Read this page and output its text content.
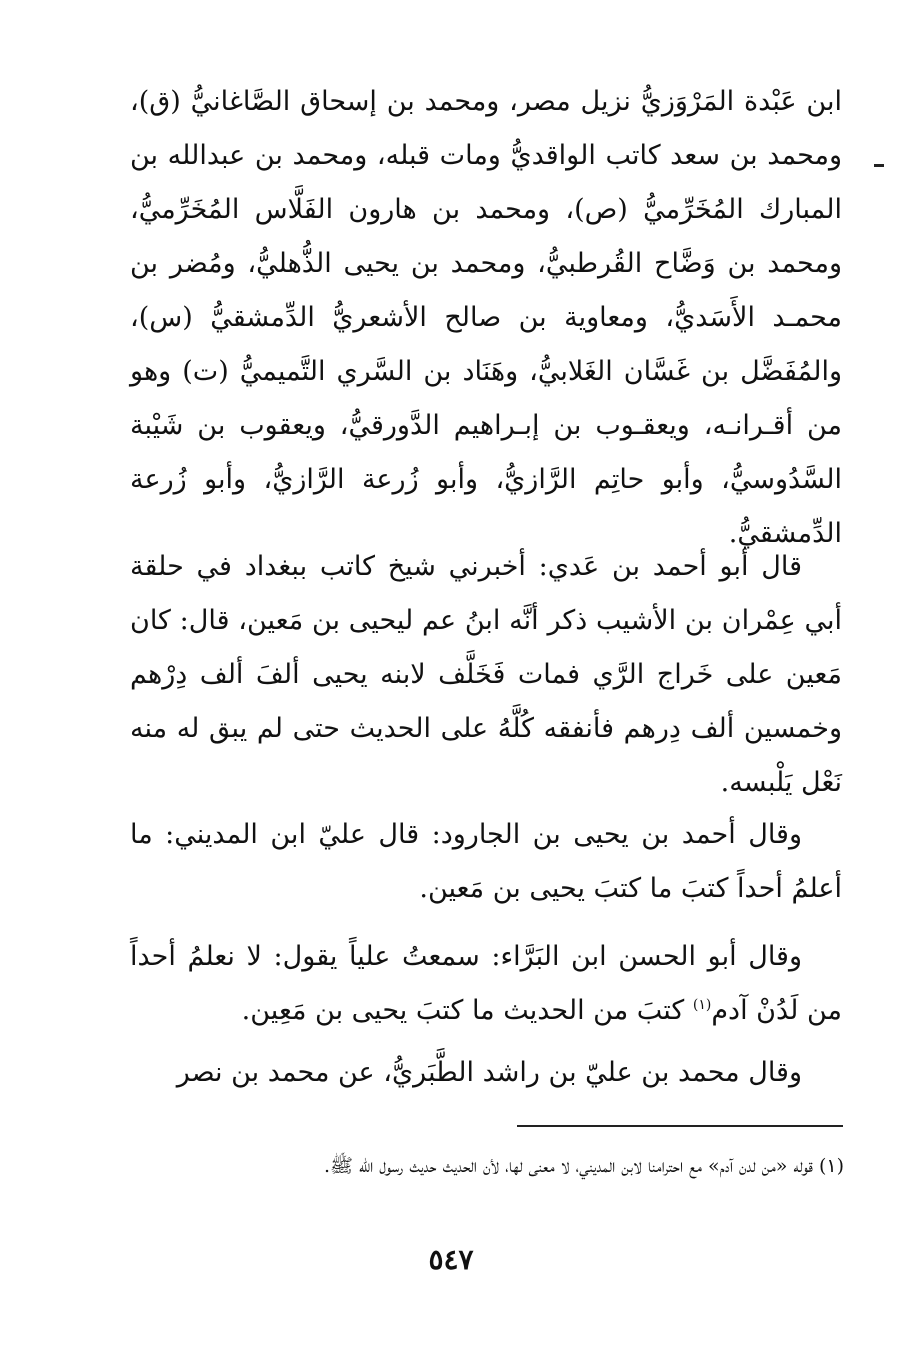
ابن عَبْدة المَرْوَزيُّ نزيل مصر، ومحمد بن إسحاق الصَّاغانيُّ (ق)، ومحمد بن سعد كاتب الواقديُّ ومات قبله، ومحمد بن عبدالله بن المبارك المُخَرِّميُّ (ص)، ومحمد بن هارون الفَلَّاس المُخَرِّميُّ، ومحمد بن وَضَّاح القُرطبيُّ، ومحمد بن يحيى الذُّهليُّ، ومُضر بن محمـد الأَسَديُّ، ومعاوية بن صالح الأشعريُّ الدِّمشقيُّ (س)، والمُفَضَّل بن غَسَّان الغَلابيُّ، وهَنَاد بن السَّري التَّميميُّ (ت) وهو من أقـرانـه، ويعقـوب بن إبـراهيم الدَّورقيُّ، ويعقوب بن شَيْبة السَّدُوسيُّ، وأبو حاتِم الرَّازيُّ، وأبو زُرعة الرَّازيُّ، وأبو زُرعة الدِّمشقيُّ.

قال أبو أحمد بن عَدي: أخبرني شيخ كاتب ببغداد في حلقة أبي عِمْران بن الأشيب ذكر أنَّه ابنُ عم ليحيى بن مَعين، قال: كان مَعين على خَراج الرَّي فمات فَخَلَّف لابنه يحيى ألفَ ألف دِرْهم وخمسين ألف دِرهم فأنفقه كُلَّهُ على الحديث حتى لم يبق له منه نَعْل يَلْبسه.

وقال أحمد بن يحيى بن الجارود: قال عليّ ابن المديني: ما أعلمُ أحداً كتبَ ما كتبَ يحيى بن مَعين.

وقال أبو الحسن ابن البَرَّاء: سمعتُ علياً يقول: لا نعلمُ أحداً من لَدُنْ آدم$^{(١)}$ كتبَ من الحديث ما كتبَ يحيى بن مَعِين.

وقال محمد بن عليّ بن راشد الطَّبَريُّ، عن محمد بن نصر

(١) قوله «من لدن آدم» مع احترامنا لابن المديني، لا معنى لها، لأن الحديث حديث رسول الله ﷺ.

٥٤٧
